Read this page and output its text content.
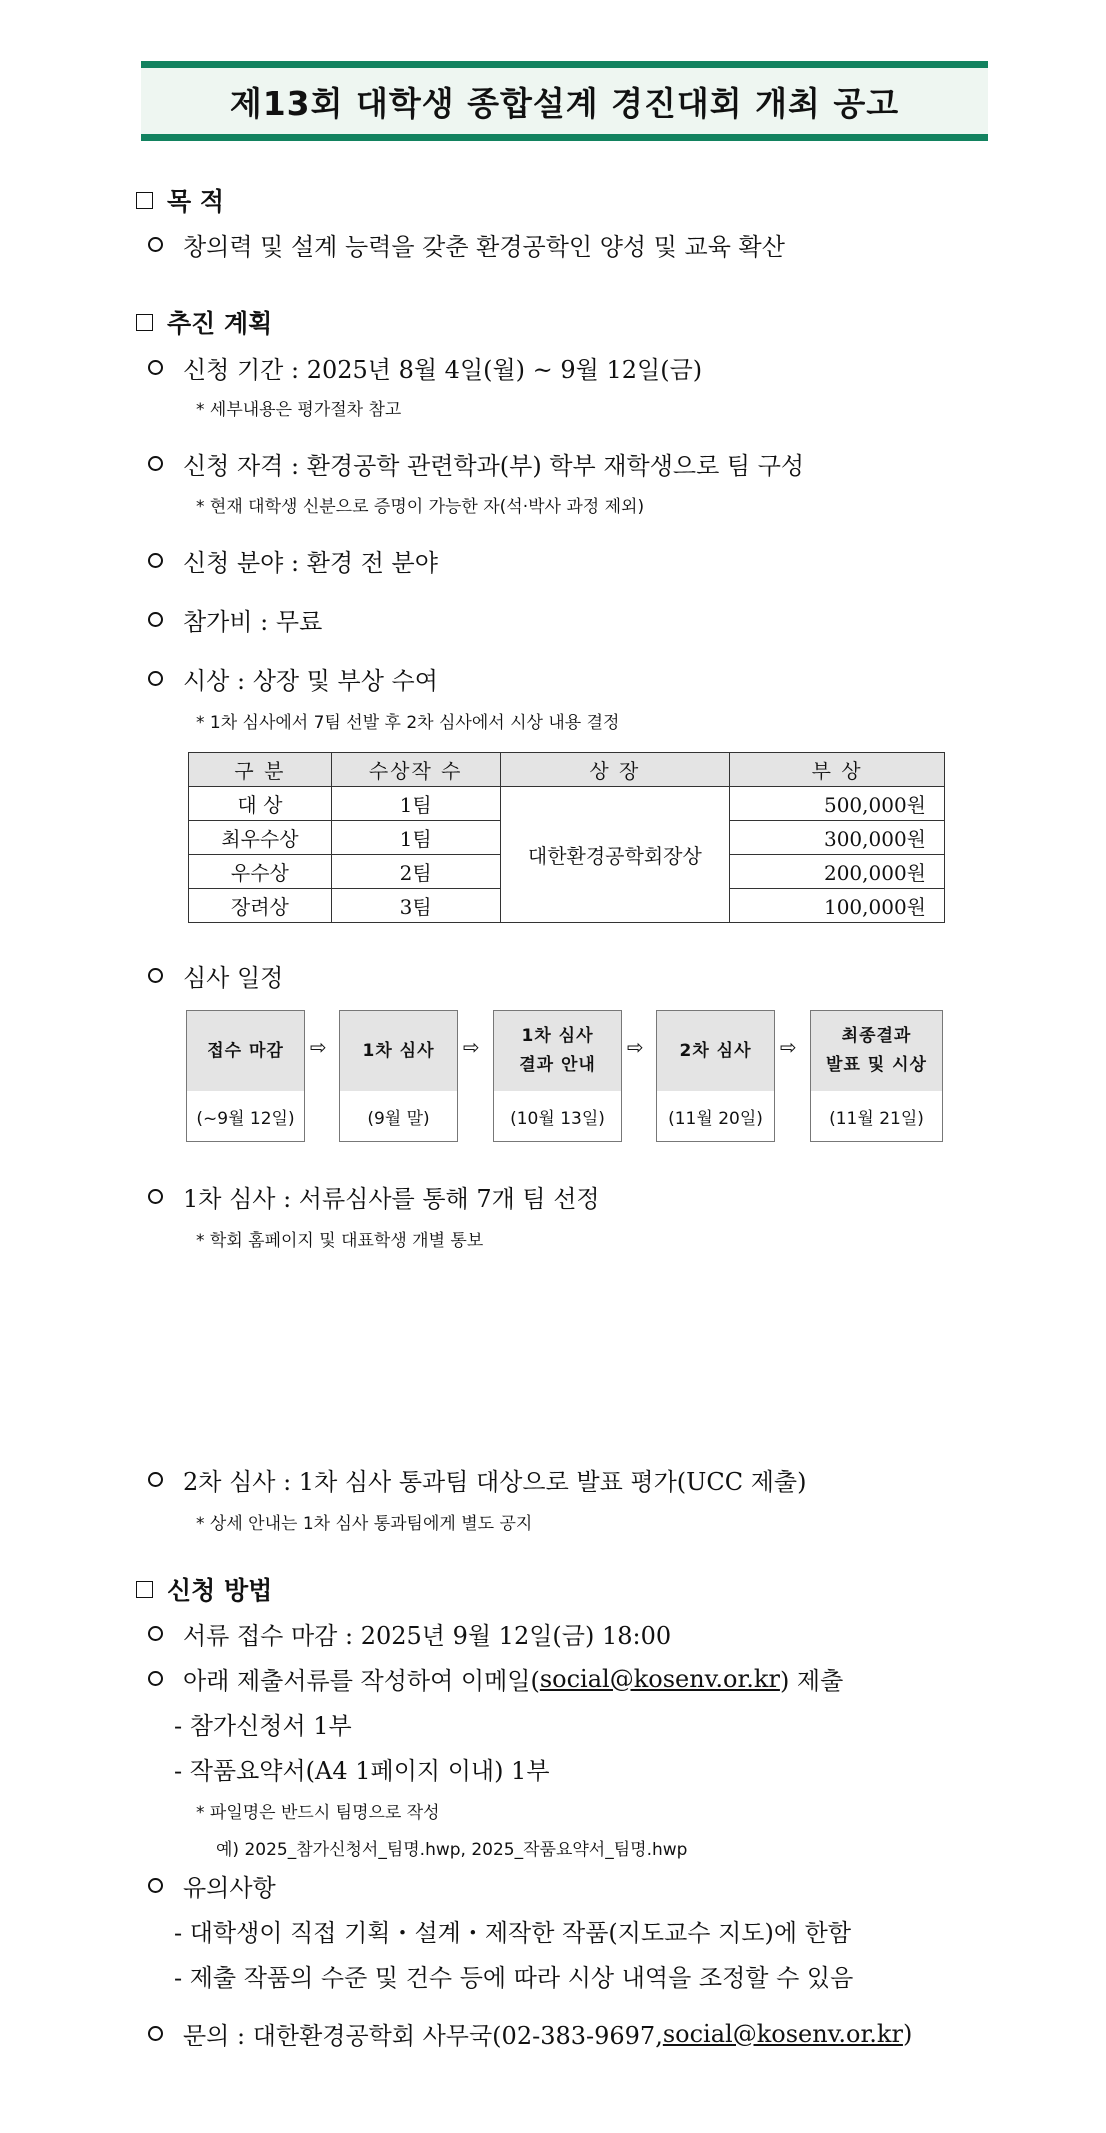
제13회 대학생 종합설계 경진대회 개최 공고
목 적
창의력 및 설계 능력을 갖춘 환경공학인 양성 및 교육 확산
추진 계획
신청 기간 : 2025년 8월 4일(월) ~ 9월 12일(금)
* 세부내용은 평가절차 참고
신청 자격 : 환경공학 관련학과(부) 학부 재학생으로 팀 구성
* 현재 대학생 신분으로 증명이 가능한 자(석·박사 과정 제외)
신청 분야 : 환경 전 분야
참가비 : 무료
시상 : 상장 및 부상 수여
* 1차 심사에서 7팀 선발 후 2차 심사에서 시상 내용 결정
구 분	수상작 수	상 장	부 상
대 상	1팀	대한환경공학회장상	500,000원
최우수상	1팀		300,000원
우수상	2팀		200,000원
장려상	3팀		100,000원
심사 일정
접수 마감
(~9월 12일)
⇨ 1차 심사
(9월 말)
⇨ 1차 심사
결과 안내
(10월 13일)
⇨ 2차 심사
(11월 20일)
⇨	최종결과
발표 및 시상
(11월 21일)
1차 심사 : 서류심사를 통해 7개 팀 선정
* 학회 홈페이지 및 대표학생 개별 통보
2차 심사 : 1차 심사 통과팀 대상으로 발표 평가(UCC 제출)
* 상세 안내는 1차 심사 통과팀에게 별도 공지
신청 방법
서류 접수 마감 : 2025년 9월 12일(금) 18:00
아래 제출서류를 작성하여 이메일( social@kosenv.or.kr ) 제출
- 참가신청서 1부
- 작품요약서(A4 1페이지 이내) 1부
* 파일명은 반드시 팀명으로 작성
예) 2025_참가신청서_팀명.hwp, 2025_작품요약서_팀명.hwp
유의사항
- 대학생이 직접 기획・설계・제작한 작품(지도교수 지도)에 한함
- 제출 작품의 수준 및 건수 등에 따라 시상 내역을 조정할 수 있음
문의 : 대한환경공학회 사무국(02-383-9697, social@kosenv.or.kr )
